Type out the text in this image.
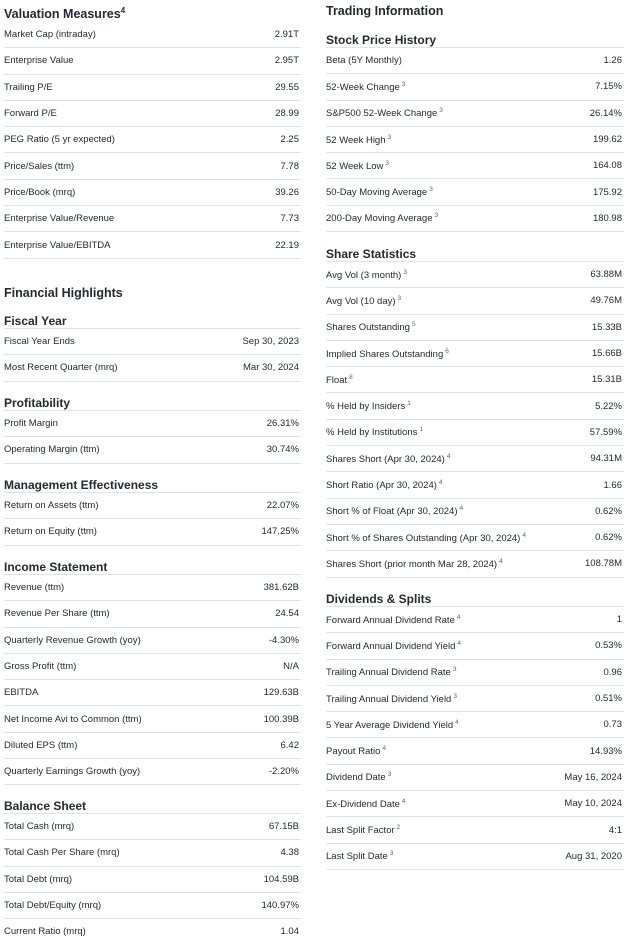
Valuation Measures$^4$
Market Cap (intraday)	2.91T
Enterprise Value	2.95T
Trailing P/E	29.55
Forward P/E	28.99
PEG Ratio (5 yr expected)	2.25
Price/Sales (ttm)	7.78
Price/Book (mrq)	39.26
Enterprise Value/Revenue	7.73
Enterprise Value/EBITDA	22.19
Financial Highlights
Fiscal Year
Fiscal Year Ends	Sep 30, 2023
Most Recent Quarter (mrq)	Mar 30, 2024
Profitability
Profit Margin	26.31%
Operating Margin (ttm)	30.74%
Management Effectiveness
Return on Assets (ttm)	22.07%
Return on Equity (ttm)	147.25%
Income Statement
Revenue (ttm)	381.62B
Revenue Per Share (ttm)	24.54
Quarterly Revenue Growth (yoy)	-4.30%
Gross Profit (ttm)	N/A
EBITDA	129.63B
Net Income Avi to Common (ttm)	100.39B
Diluted EPS (ttm)	6.42
Quarterly Earnings Growth (yoy)	-2.20%
Balance Sheet
Total Cash (mrq)	67.15B
Total Cash Per Share (mrq)	4.38
Total Debt (mrq)	104.59B
Total Debt/Equity (mrq)	140.97%
Current Ratio (mrq)	1.04
Trading Information
Stock Price History
Beta (5Y Monthly)	1.26
52-Week Change $^3$	7.15%
S&P500 52-Week Change $^3$	26.14%
52 Week High $^3$	199.62
52 Week Low $^3$	164.08
50-Day Moving Average $^3$	175.92
200-Day Moving Average $^3$	180.98
Share Statistics
Avg Vol (3 month) $^3$	63.88M
Avg Vol (10 day) $^3$	49.76M
Shares Outstanding $^5$	15.33B
Implied Shares Outstanding $^6$	15.66B
Float $^8$	15.31B
% Held by Insiders $^1$	5.22%
% Held by Institutions $^1$	57.59%
Shares Short (Apr 30, 2024) $^4$	94.31M
Short Ratio (Apr 30, 2024) $^4$	1.66
Short % of Float (Apr 30, 2024) $^4$	0.62%
Short % of Shares Outstanding (Apr 30, 2024) $^4$	0.62%
Shares Short (prior month Mar 28, 2024) $^4$	108.78M
Dividends & Splits
Forward Annual Dividend Rate $^4$	1
Forward Annual Dividend Yield $^4$	0.53%
Trailing Annual Dividend Rate $^3$	0.96
Trailing Annual Dividend Yield $^3$	0.51%
5 Year Average Dividend Yield $^4$	0.73
Payout Ratio $^4$	14.93%
Dividend Date $^3$	May 16, 2024
Ex-Dividend Date $^4$	May 10, 2024
Last Split Factor $^2$	4:1
Last Split Date $^3$	Aug 31, 2020
